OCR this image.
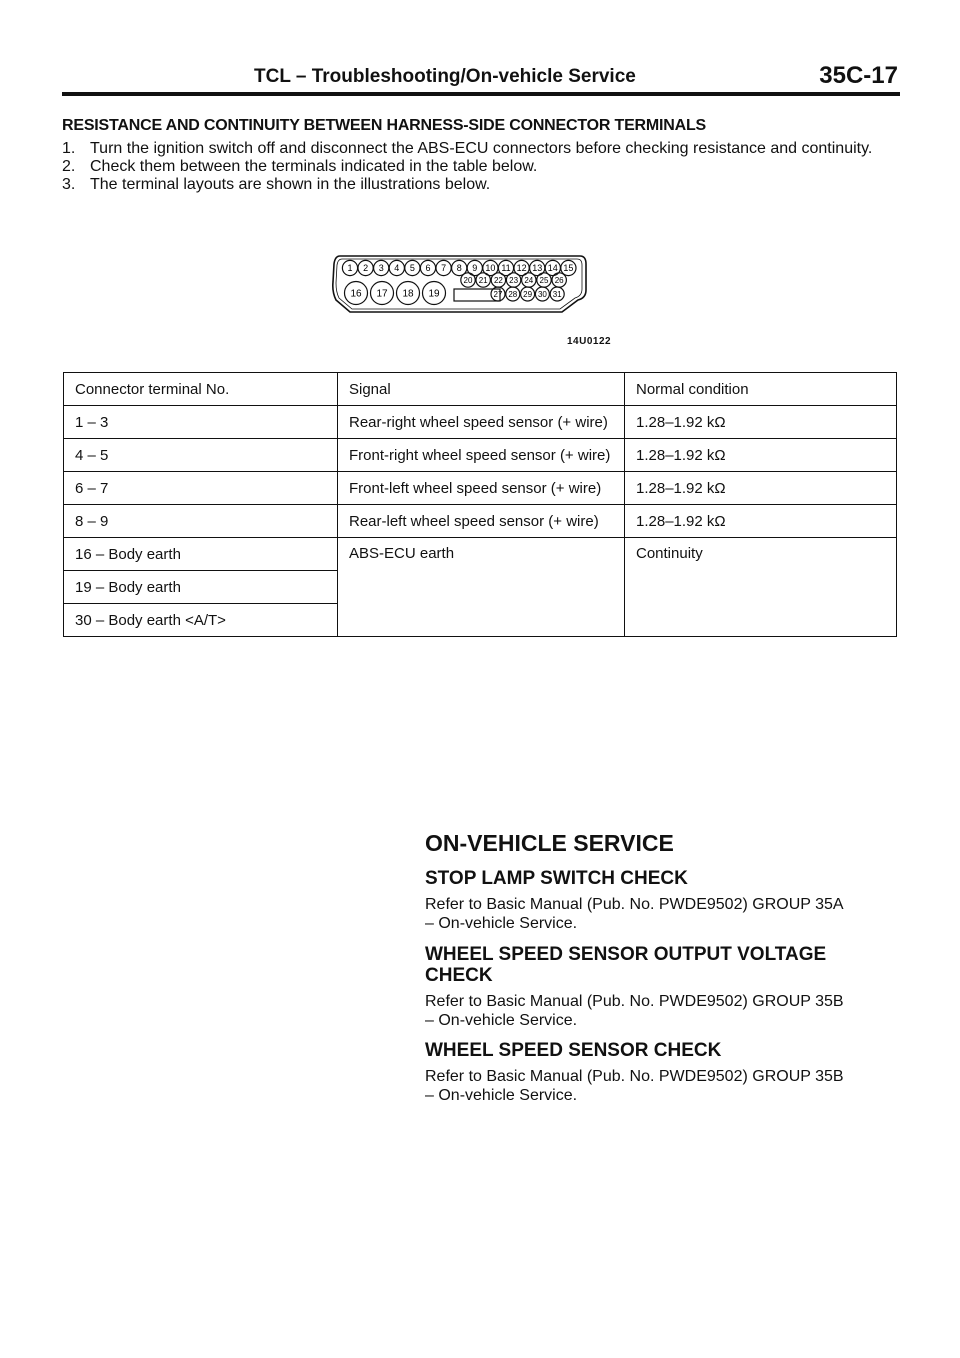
TCL – Troubleshooting/On-vehicle Service	35C-17
RESISTANCE AND CONTINUITY BETWEEN HARNESS-SIDE CONNECTOR TERMINALS
1. Turn the ignition switch off and disconnect the ABS-ECU connectors before checking resistance and continuity.
2. Check them between the terminals indicated in the table below.
3. The terminal layouts are shown in the illustrations below.
1 2 3 4 5 6 7 8 9 10 11 12 13 14 15
20 21 22 23 24 25 26
16 17 18 19	27 28 29 30 31
14U0122
Connector terminal No.	Signal	Normal condition
1 – 3	Rear-right wheel speed sensor (+ wire)	1.28–1.92 kΩ
4 – 5	Front-right wheel speed sensor (+ wire)	1.28–1.92 kΩ
6 – 7	Front-left wheel speed sensor (+ wire)	1.28–1.92 kΩ
8 – 9	Rear-left wheel speed sensor (+ wire)	1.28–1.92 kΩ
16 – Body earth	ABS-ECU earth	Continuity

19 – Body earth		
30 – Body earth <A/T>		
ON-VEHICLE SERVICE
STOP LAMP SWITCH CHECK

Refer to Basic Manual (Pub. No. PWDE9502) GROUP 35A
– On-vehicle Service.

WHEEL SPEED SENSOR OUTPUT VOLTAGE
CHECK

Refer to Basic Manual (Pub. No. PWDE9502) GROUP 35B
– On-vehicle Service.

WHEEL SPEED SENSOR CHECK

Refer to Basic Manual (Pub. No. PWDE9502) GROUP 35B
– On-vehicle Service.
